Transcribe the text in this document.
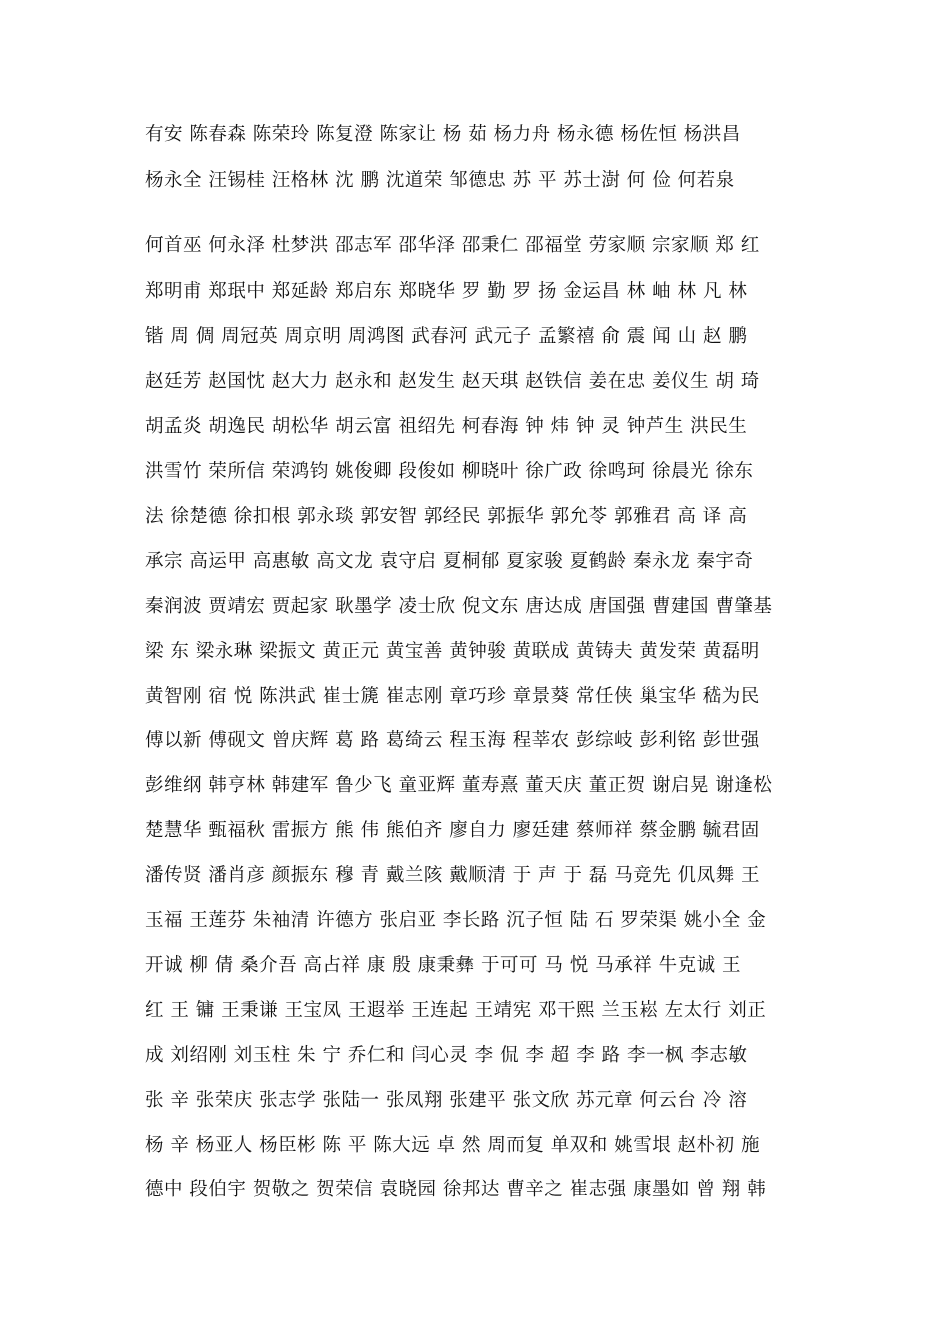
有安 陈春森 陈荣玲 陈复澄 陈家让 杨 茹 杨力舟 杨永德 杨佐恒 杨洪昌
杨永全 汪锡桂 汪格林 沈 鹏 沈道荣 邹德忠 苏 平 苏士澍 何 俭 何若泉
何首巫 何永泽 杜梦洪 邵志军 邵华泽 邵秉仁 邵福堂 劳家顺 宗家顺 郑 红
郑明甫 郑珉中 郑延龄 郑启东 郑晓华 罗 勤 罗 扬 金运昌 林 岫 林 凡 林
锴 周 倜 周冠英 周京明 周鸿图 武春河 武元子 孟繁禧 俞 震 闻 山 赵 鹏
赵廷芳 赵国忱 赵大力 赵永和 赵发生 赵天琪 赵铁信 姜在忠 姜仪生 胡 琦
胡孟炎 胡逸民 胡松华 胡云富 祖绍先 柯春海 钟 炜 钟 灵 钟芦生 洪民生
洪雪竹 荣所信 荣鸿钧 姚俊卿 段俊如 柳晓叶 徐广政 徐鸣珂 徐晨光 徐东
法 徐楚德 徐扣根 郭永琰 郭安智 郭经民 郭振华 郭允苓 郭雅君 高 译 高
承宗 高运甲 高惠敏 高文龙 袁守启 夏桐郁 夏家骏 夏鹤龄 秦永龙 秦宇奇
秦润波 贾靖宏 贾起家 耿墨学 凌士欣 倪文东 唐达成 唐国强 曹建国 曹肇基
梁 东 梁永琳 梁振文 黄正元 黄宝善 黄钟骏 黄联成 黄铸夫 黄发荣 黄磊明
黄智刚 宿 悦 陈洪武 崔士篪 崔志刚 章巧珍 章景葵 常任侠 巢宝华 嵇为民
傅以新 傅砚文 曾庆辉 葛 路 葛绮云 程玉海 程莘农 彭综岐 彭利铭 彭世强
彭维纲 韩亨林 韩建军 鲁少飞 童亚辉 董寿熹 董天庆 董正贺 谢启晃 谢逢松
楚慧华 甄福秋 雷振方 熊 伟 熊伯齐 廖自力 廖廷建 蔡师祥 蔡金鹏 毓君固
潘传贤 潘肖彦 颜振东 穆 青 戴兰陔 戴顺清 于 声 于 磊 马竞先 仉凤舞 王
玉福 王莲芬 朱袖清 许德方 张启亚 李长路 沉子恒 陆 石 罗荣渠 姚小全 金
开诚 柳 倩 桑介吾 高占祥 康 殷 康秉彝 于可可 马 悦 马承祥 牛克诚 王
红 王 镛 王秉谦 王宝凤 王遐举 王连起 王靖宪 邓干熙 兰玉崧 左太行 刘正
成 刘绍刚 刘玉柱 朱 宁 乔仁和 闫心灵 李 侃 李 超 李 路 李一枫 李志敏
张 辛 张荣庆 张志学 张陆一 张凤翔 张建平 张文欣 苏元章 何云台 冷 溶
杨 辛 杨亚人 杨臣彬 陈 平 陈大远 卓 然 周而复 单双和 姚雪垠 赵朴初 施
德中 段伯宇 贺敬之 贺荣信 袁晓园 徐邦达 曹辛之 崔志强 康墨如 曾 翔 韩
